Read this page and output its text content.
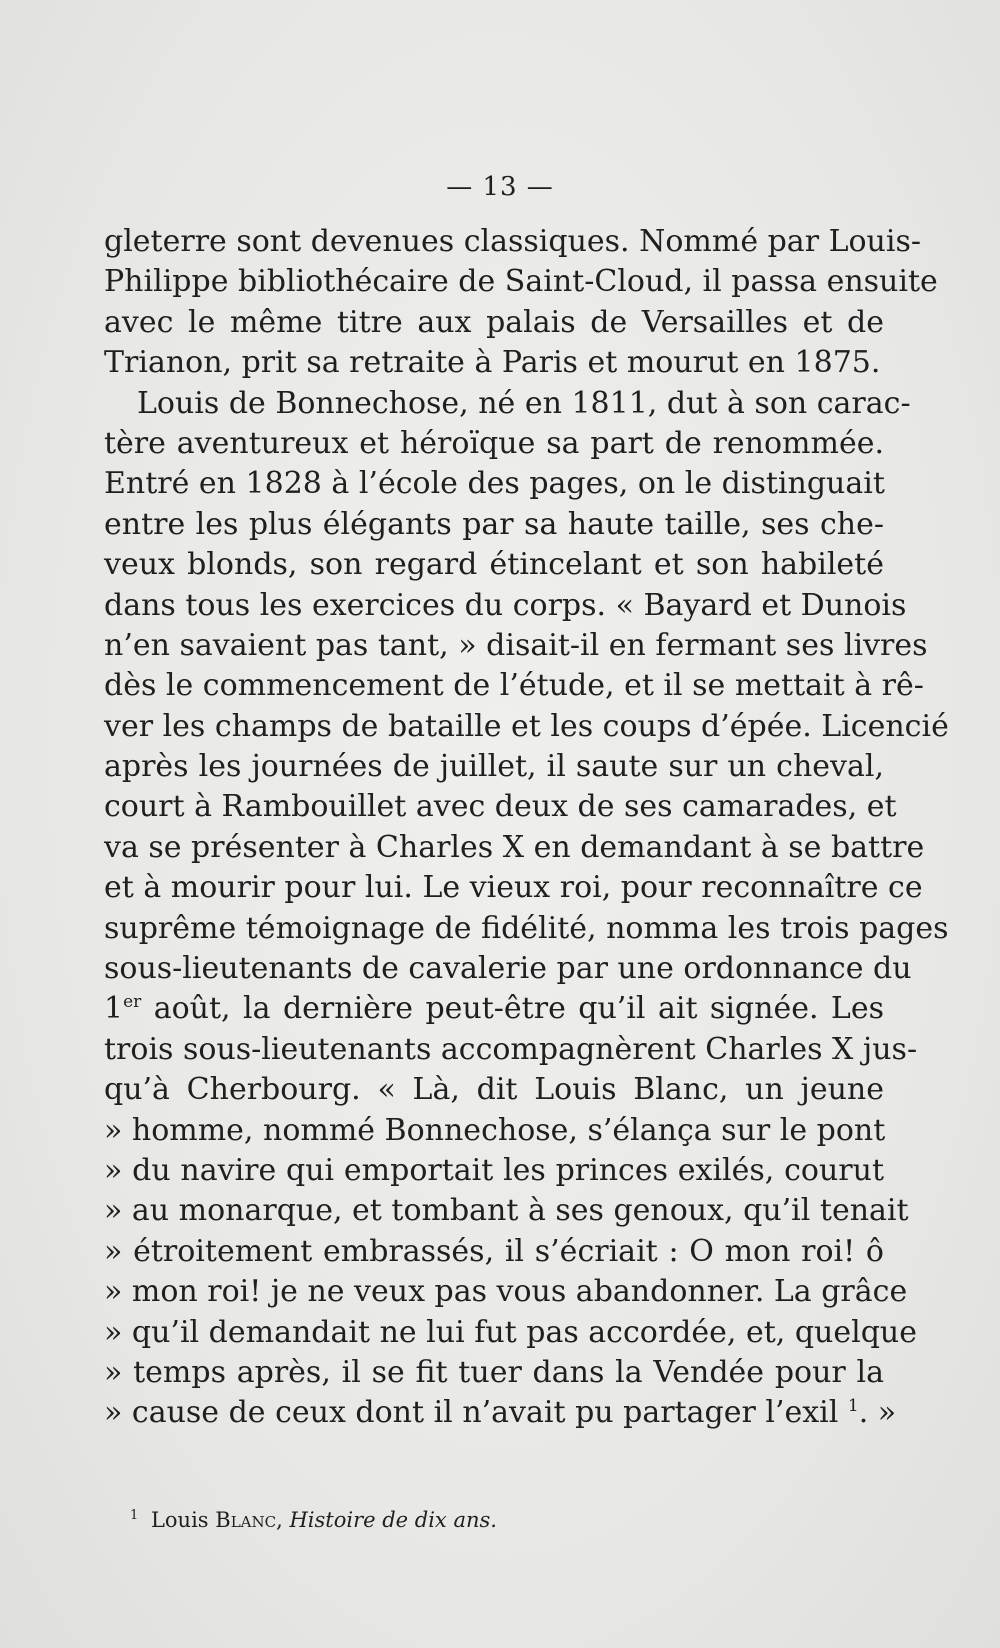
— 13 —
gleterre sont devenues classiques. Nommé par Louis-
Philippe bibliothécaire de Saint-Cloud, il passa ensuite
avec le même titre aux palais de Versailles et de
Trianon, prit sa retraite à Paris et mourut en 1875.
Louis de Bonnechose, né en 1811, dut à son carac-
tère aventureux et héroïque sa part de renommée.
Entré en 1828 à l’école des pages, on le distinguait
entre les plus élégants par sa haute taille, ses che-
veux blonds, son regard étincelant et son habileté
dans tous les exercices du corps. « Bayard et Dunois
n’en savaient pas tant, » disait-il en fermant ses livres
dès le commencement de l’étude, et il se mettait à rê-
ver les champs de bataille et les coups d’épée. Licencié
après les journées de juillet, il saute sur un cheval,
court à Rambouillet avec deux de ses camarades, et
va se présenter à Charles X en demandant à se battre
et à mourir pour lui. Le vieux roi, pour reconnaître ce
suprême témoignage de fidélité, nomma les trois pages
sous-lieutenants de cavalerie par une ordonnance du
1er août, la dernière peut-être qu’il ait signée. Les
trois sous-lieutenants accompagnèrent Charles X jus-
qu’à Cherbourg. « Là, dit Louis Blanc, un jeune
» homme, nommé Bonnechose, s’élança sur le pont
» du navire qui emportait les princes exilés, courut
» au monarque, et tombant à ses genoux, qu’il tenait
» étroitement embrassés, il s’écriait : O mon roi! ô
» mon roi! je ne veux pas vous abandonner. La grâce
» qu’il demandait ne lui fut pas accordée, et, quelque
» temps après, il se fit tuer dans la Vendée pour la
» cause de ceux dont il n’avait pu partager l’exil $^1$. »
$^1$ Louis Blanc, Histoire de dix ans.
